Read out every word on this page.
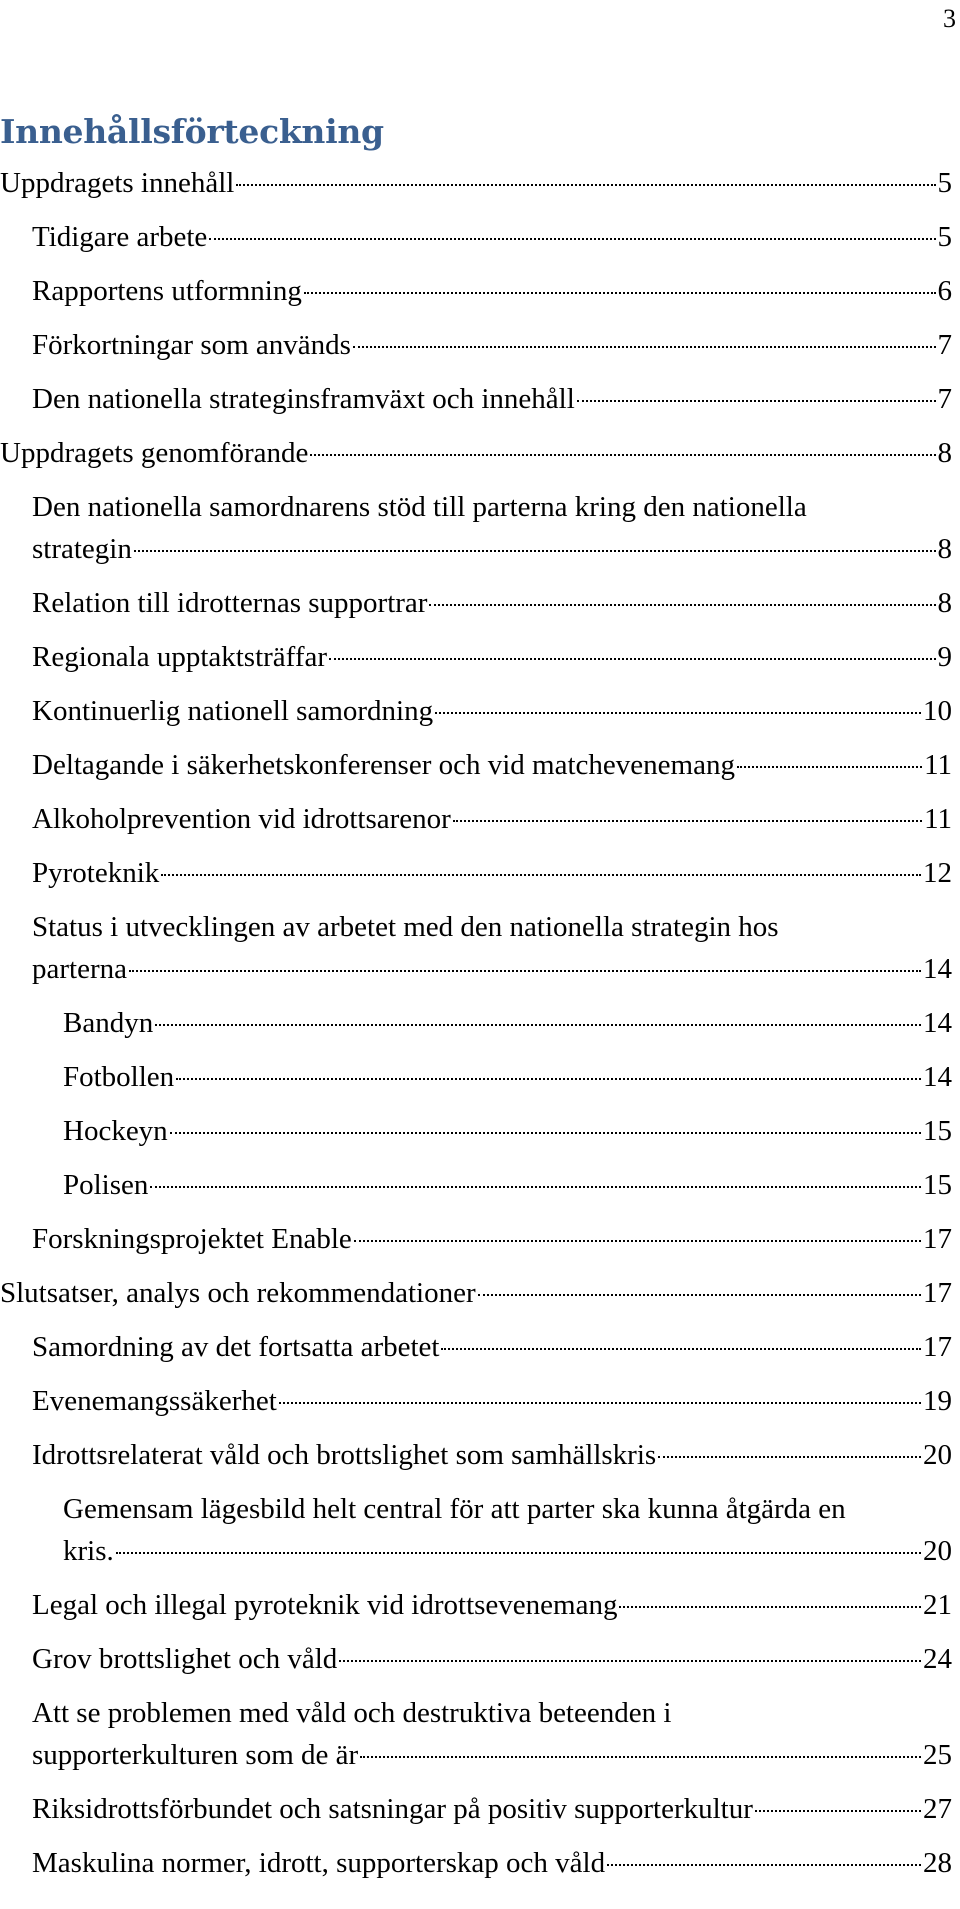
3
Innehållsförteckning
Uppdragets innehåll	5
Tidigare arbete	5
Rapportens utformning	6
Förkortningar som används	7
Den nationella strateginsframväxt och innehåll	7
Uppdragets genomförande	8
Den nationella samordnarens stöd till parterna kring den nationella
strategin	8
Relation till idrotternas supportrar	8
Regionala upptaktsträffar	9
Kontinuerlig nationell samordning	10
Deltagande i säkerhetskonferenser och vid matchevenemang	11
Alkoholprevention vid idrottsarenor	11
Pyroteknik	12
Status i utvecklingen av arbetet med den nationella strategin hos
parterna	14
Bandyn	14
Fotbollen	14
Hockeyn	15
Polisen	15
Forskningsprojektet Enable	17
Slutsatser, analys och rekommendationer	17
Samordning av det fortsatta arbetet	17
Evenemangssäkerhet	19
Idrottsrelaterat våld och brottslighet som samhällskris	20
Gemensam lägesbild helt central för att parter ska kunna åtgärda en
kris.	20
Legal och illegal pyroteknik vid idrottsevenemang	21
Grov brottslighet och våld	24
Att se problemen med våld och destruktiva beteenden i
supporterkulturen som de är	25
Riksidrottsförbundet och satsningar på positiv supporterkultur	27
Maskulina normer, idrott, supporterskap och våld	28
